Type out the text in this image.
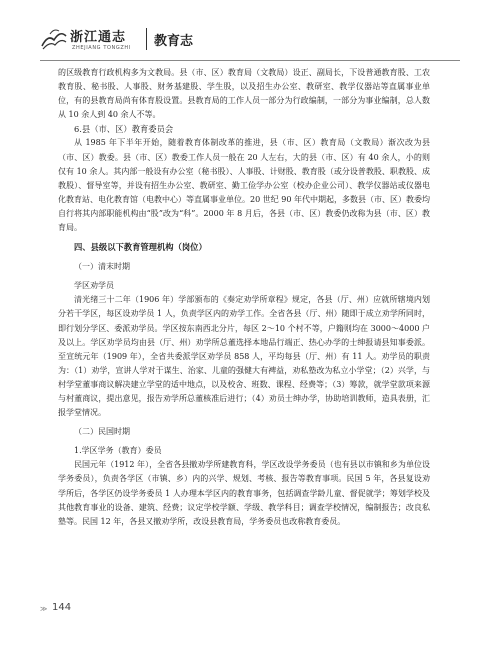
浙江通志
ZHEJIANG TONGZHI 教育志

的区级教育行政机构多为文教局。县（市、区）教育局（文教局）设正、副局长，下设普通教育股、工农教育股、秘书股、人事股、财务基建股、学生股，以及招生办公室、教研室、教学仪器站等直属事业单位，有的县教育局尚有体育股设置。县教育局的工作人员一部分为行政编制，一部分为事业编制，总人数从 10 余人到 40 余人不等。

6.县（市、区）教育委员会

从 1985 年下半年开始，随着教育体制改革的推进，县（市、区）教育局（文教局）渐次改为县（市、区）教委。县（市、区）教委工作人员一般在 20 人左右，大的县（市、区）有 40 余人，小的则仅有 10 余人。其内部一般设有办公室（秘书股）、人事股、计财股、教育股（或分设普教股、职教股、成教股）、督导室等，并设有招生办公室、教研室、勤工俭学办公室（校办企业公司）、教学仪器站或仪器电化教育站、电化教育馆（电教中心）等直属事业单位。20 世纪 90 年代中期起，多数县（市、区）教委均自行将其内部职能机构由“股”改为“科”。2000 年 8 月后，各县（市、区）教委仍改称为县（市、区）教育局。

四、县级以下教育管理机构（岗位）

（一）清末时期

学区劝学员

清光绪三十二年（1906 年）学部颁布的《奏定劝学所章程》规定，各县（厅、州）应就所辖境内划分若干学区，每区设劝学员 1 人，负责学区内的劝学工作。全省各县（厅、州）随即于成立劝学所同时，即行划分学区、委派劝学员。学区按东南西北分片，每区 2～10 个村不等，户籍则均在 3000～4000 户及以上。学区劝学员均由县（厅、州）劝学所总董选择本地品行端正、热心办学的士绅报请县知事委派。至宣统元年（1909 年），全省共委派学区劝学员 858 人，平均每县（厅、州）有 11 人。劝学员的职责为：（1）劝学，宣讲人学对于谋生、治家、儿童的强健大有裨益，劝私塾改为私立小学堂；（2）兴学，与村学堂董事商议解决建立学堂的适中地点，以及校舍、班数、课程、经费等；（3）筹款，就学堂款项来源与村董商议，提出意见，报告劝学所总董核准后进行；（4）劝员士绅办学，协助培训教师，造具表册，汇报学堂情况。

（二）民国时期

1.学区学务（教育）委员

民国元年（1912 年），全省各县撤劝学所建教育科，学区改设学务委员（也有县以市镇和乡为单位设学务委员），负责各学区（市镇、乡）内的兴学、规划、考核、报告等教育事项。民国 5 年，各县复设劝学所后，各学区仍设学务委员 1 人办理本学区内的教育事务，包括调查学龄儿童、督促就学；筹划学校及其他教育事业的设备、建筑、经费；议定学校学额、学级、教学科目；调查学校情况，编制报告；改良私塾等。民国 12 年，各县又撤劝学所，改设县教育局，学务委员也改称教育委员。

≫ 144
